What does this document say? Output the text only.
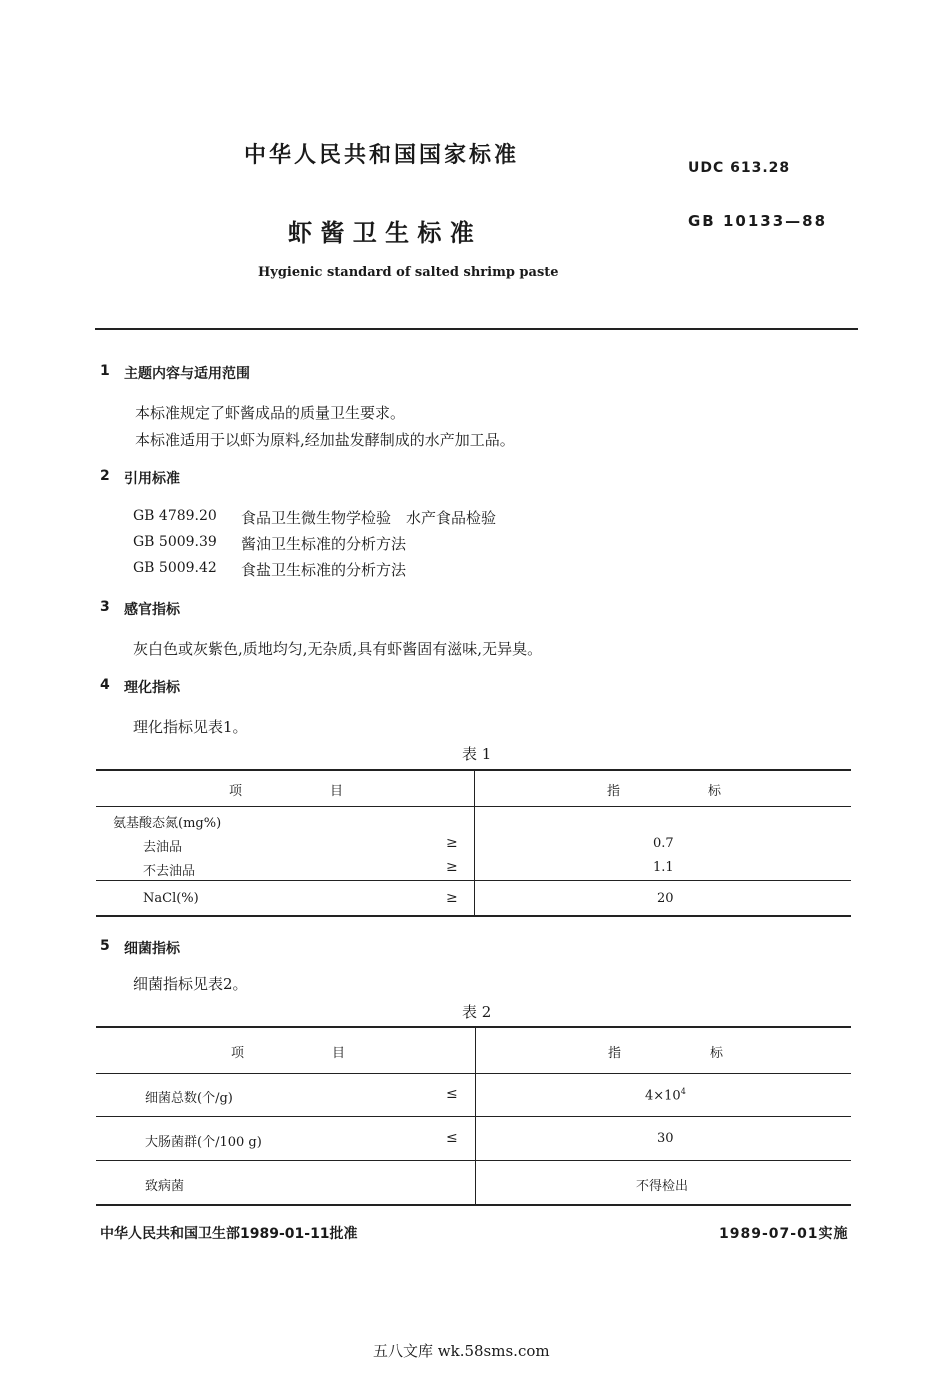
中华人民共和国国家标准	UDC 613.28
虾 酱 卫 生 标 准	GB 10133—88
Hygienic standard of salted shrimp paste
1 主题内容与适用范围
本标准规定了虾酱成品的质量卫生要求。
本标准适用于以虾为原料,经加盐发酵制成的水产加工品。
2 引用标准
GB 4789.20 食品卫生微生物学检验　水产食品检验
GB 5009.39 酱油卫生标准的分析方法
GB 5009.42 食盐卫生标准的分析方法
3 感官指标
灰白色或灰紫色,质地均匀,无杂质,具有虾酱固有滋味,无异臭。
4 理化指标
理化指标见表1。
表 1
项	目	指	标
氨基酸态氮(mg%)
去油品	≥	0.7
不去油品	≥	1.1
NaCl(%)	≥	20
5 细菌指标
细菌指标见表2。
表 2
项	目	指	标
细菌总数(个/g)	≤	$4\times 10^4$
大肠菌群(个/100 g)	≤	30
致病菌	不得检出
中华人民共和国卫生部1989-01-11批准	1989-07-01实施
五八文库 wk.58sms.com
